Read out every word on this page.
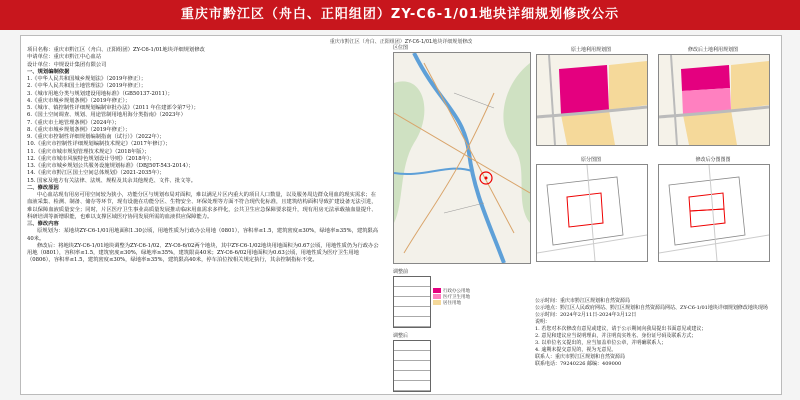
重庆市黔江区（舟白、正阳组团）ZY-C6-1/01地块详细规划修改公示
重庆市黔江区（舟白、正阳组团）ZY-C6-1/01地块详细规划修改

项目名称：重庆市黔江区（舟白、正阳组团）ZY-C6-1/01地块详细规划修改

申请单位：重庆市黔江中心血站

设计单位：中规设计集团有限公司

一、规划编制依据

1.《中华人民共和国城乡规划法》（2019年修正）；

2.《中华人民共和国土地管理法》（2019年修正）；

3.《城市用地分类与规划建设用地标准》（GB50137-2011）；

4.《重庆市城乡规划条例》（2019年修正）；

5.《城市、镇控制性详细规划编制审批办法》（2011 年住建部令第7号）；

6.《国土空间调查、规划、用途管制用地用海分类指南》（2023年）

7.《重庆市土地管理条例》（2024年）；

8.《重庆市城乡规划条例》（2019年修正）；

9.《重庆市控制性详细规划编制指南（试行）》（2022年）；

10.《重庆市控制性详细规划编制技术规定》（2017年修订）；

11.《重庆市城市规划管理技术规定》（2018年版）；

12.《重庆市城市风貌特色规划设计导则》（2018年）；

13.《重庆市城乡规划公共服务设施规划标准》（DBJ50T-543-2014）；

14.《重庆市黔江区国土空间总体规划》（2021-2035年）；

15. 国家及地方有关法律、法规、规程及其余其他规范、文件、批文等。

二、修改原因

中心血站现有用房可用空间较为狭小，功能分区与规划布局对面积，难以满足片区内重大的项目人口数量，以及服务周边群众用血的现实需求；在血液采集、检测、制备、储存等环节，现有设施在功能分区、生物安全、环保处理等方面不符合现代化标准，且建筑结构面积导致扩建设备无法引进，难以保障血液质量安全；同时，片区医疗卫生事业高质量发展推动临床用血需求多样化，公共卫生应急保障要求提升，现有用房无法承载抽血量提升、科研培训等新增职能，也难以支撑区域医疗协同发展所需的血液供应保障能力。

三、修改内容

原规划为：某地块ZY-C6-1/01用地面积1.30公顷，用地性质为行政办公用地（0801），容积率≤1.5，建筑密度≤30%，绿地率≥35%，建筑限高40米。

修改后：将地块ZY-C6-1/01地块调整为ZY-C6-1/02、ZY-C6-6/02两个地块，其中ZY-C6-1/02地块用地面积为0.67公顷，用地性质仍为行政办公用地（0801），容积率≤1.5，建筑密度≤30%，绿地率≥35%，建筑限高40米；ZY-C6-6/02用地面积为0.63公顷，用地性质为医疗卫生用地（0806），容积率≤1.5，建筑密度≤30%，绿地率≥35%，建筑限高40米，停车泊位按相关规定执行，其余控制指标不变。

区位图	原土地利用规划图	修改后土地利用规划图
原分图图	修改后分图图图
调整前
调整后
行政办公用地
医疗卫生用地
居住用地	公示时间：重庆市黔江区规划和自然资源局

公示地点：黔江区人民政府网站、黔江区规划和自然资源局网站、ZY-C6-1/01地块详细规划修改地块现场

公示时间：2024年2月11日-2024年3月12日

说明：

1. 若您对本次修改有意见或建议，请于公示期间向我局提出书面意见或建议；

2. 意见和建议应当说明理由，并注明真实姓名、身份证号码及联系方式；

3. 以单位名义提出的，应当加盖单位公章，并明确联系人；

4. 逾期未提交意见的，视为无意见。

联系人：重庆市黔江区规划和自然资源局

联系电话：79240226 邮编：409000
